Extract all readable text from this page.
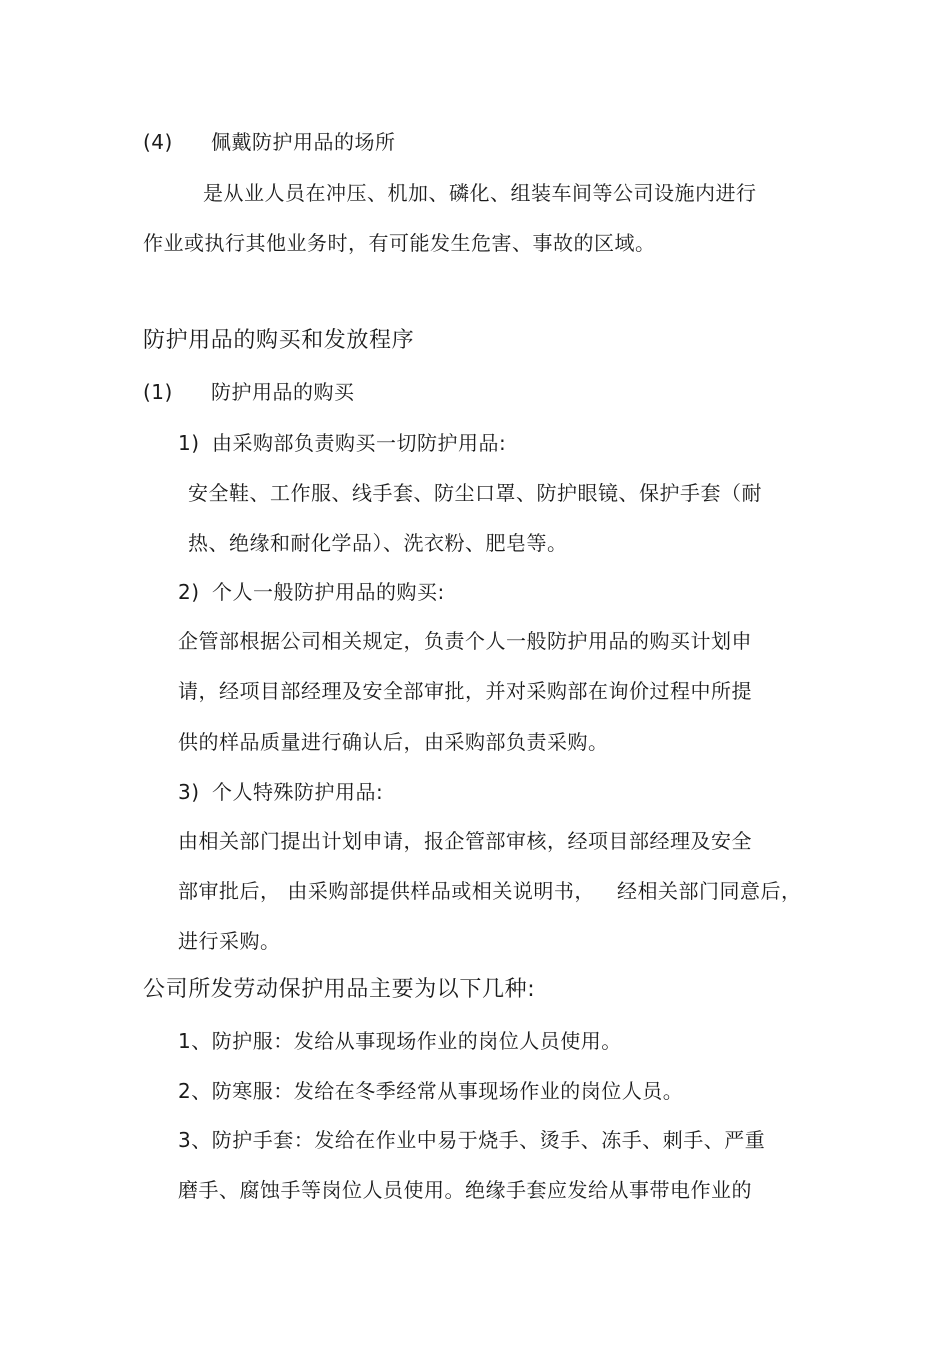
(4) 佩戴防护用品的场所
是从业人员在冲压、机加、磷化、组装车间等公司设施内进行
作业或执行其他业务时，有可能发生危害、事故的区域。
防护用品的购买和发放程序
(1) 防护用品的购买
1) 由采购部负责购买一切防护用品:
安全鞋、工作服、线手套、防尘口罩、防护眼镜、保护手套（耐
热、绝缘和耐化学品）、洗衣粉、肥皂等。
2) 个人一般防护用品的购买:
企管部根据公司相关规定，负责个人一般防护用品的购买计划申
请，经项目部经理及安全部审批，并对采购部在询价过程中所提
供的样品质量进行确认后，由采购部负责采购。
3) 个人特殊防护用品:
由相关部门提出计划申请，报企管部审核，经项目部经理及安全
部审批后， 由采购部提供样品或相关说明书， 经相关部门同意后，
进行采购。
公司所发劳动保护用品主要为以下几种:
1、防护服：发给从事现场作业的岗位人员使用。
2、防寒服：发给在冬季经常从事现场作业的岗位人员。
3、防护手套：发给在作业中易于烧手、烫手、冻手、刺手、严重
磨手、腐蚀手等岗位人员使用。绝缘手套应发给从事带电作业的
